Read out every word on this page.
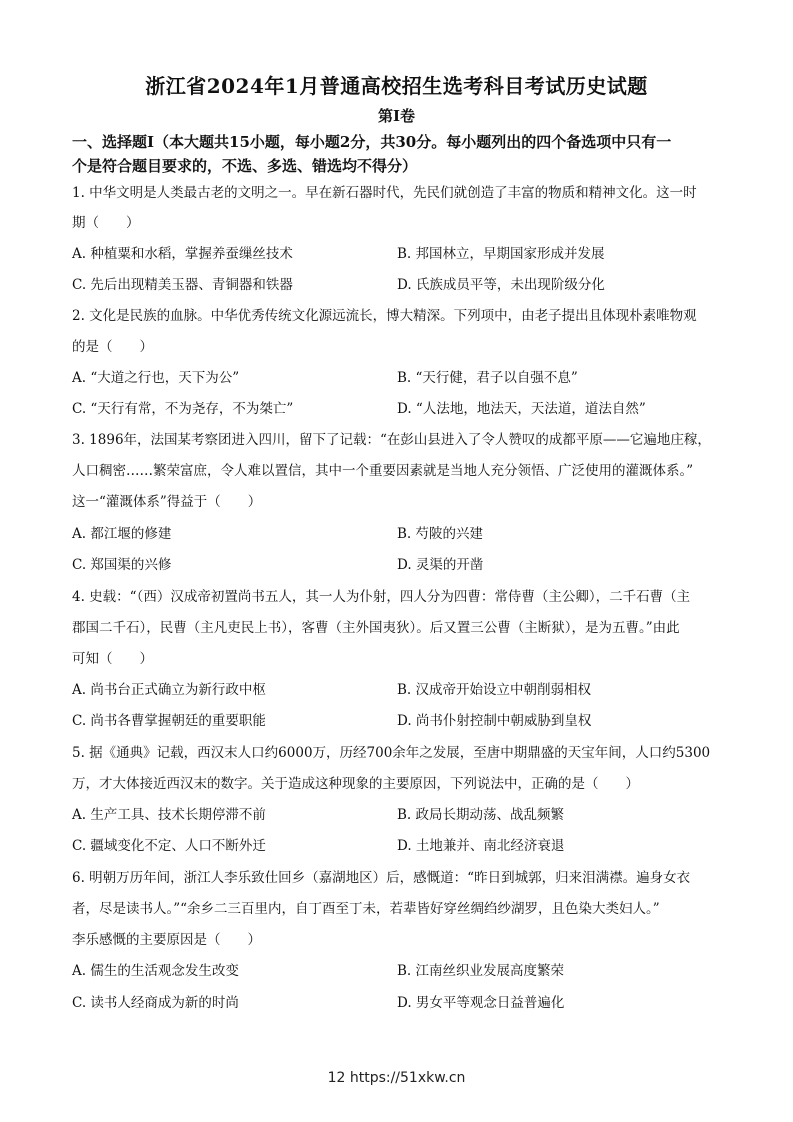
浙江省2024年1月普通高校招生选考科目考试历史试题
第Ⅰ卷
一、选择题Ⅰ（本大题共15小题，每小题2分，共30分。每小题列出的四个备选项中只有一
个是符合题目要求的，不选、多选、错选均不得分）
1. 中华文明是人类最古老的文明之一。早在新石器时代，先民们就创造了丰富的物质和精神文化。这一时
期（　　）
A. 种植粟和水稻，掌握养蚕缫丝技术	B. 邦国林立，早期国家形成并发展
C. 先后出现精美玉器、青铜器和铁器	D. 氏族成员平等，未出现阶级分化
2. 文化是民族的血脉。中华优秀传统文化源远流长，博大精深。下列项中，由老子提出且体现朴素唯物观
的是（　　）
A. “大道之行也，天下为公”	B. “天行健，君子以自强不息”
C. “天行有常，不为尧存，不为桀亡”	D. “人法地，地法天，天法道，道法自然”
3. 1896年，法国某考察团进入四川，留下了记载：“在彭山县进入了令人赞叹的成都平原——它遍地庄稼，
人口稠密……繁荣富庶，令人难以置信，其中一个重要因素就是当地人充分领悟、广泛使用的灌溉体系。”
这一“灌溉体系”得益于（　　）
A. 都江堰的修建	B. 芍陂的兴建
C. 郑国渠的兴修	D. 灵渠的开凿
4. 史载：“（西）汉成帝初置尚书五人，其一人为仆射，四人分为四曹：常侍曹（主公卿），二千石曹（主
郡国二千石），民曹（主凡吏民上书），客曹（主外国夷狄）。后又置三公曹（主断狱），是为五曹。”由此
可知（　　）
A. 尚书台正式确立为新行政中枢	B. 汉成帝开始设立中朝削弱相权
C. 尚书各曹掌握朝廷的重要职能	D. 尚书仆射控制中朝威胁到皇权
5. 据《通典》记载，西汉末人口约6000万，历经700余年之发展，至唐中期鼎盛的天宝年间，人口约5300
万，才大体接近西汉末的数字。关于造成这种现象的主要原因，下列说法中，正确的是（　　）
A. 生产工具、技术长期停滞不前	B. 政局长期动荡、战乱频繁
C. 疆域变化不定、人口不断外迁	D. 土地兼并、南北经济衰退
6. 明朝万历年间，浙江人李乐致仕回乡（嘉湖地区）后，感慨道：“昨日到城郭，归来泪满襟。遍身女衣
者，尽是读书人。”“余乡二三百里内，自丁酉至丁未，若辈皆好穿丝绸绉纱湖罗，且色染大类妇人。”
李乐感慨的主要原因是（　　）
A. 儒生的生活观念发生改变	B. 江南丝织业发展高度繁荣
C. 读书人经商成为新的时尚	D. 男女平等观念日益普遍化
12 https://51xkw.cn
